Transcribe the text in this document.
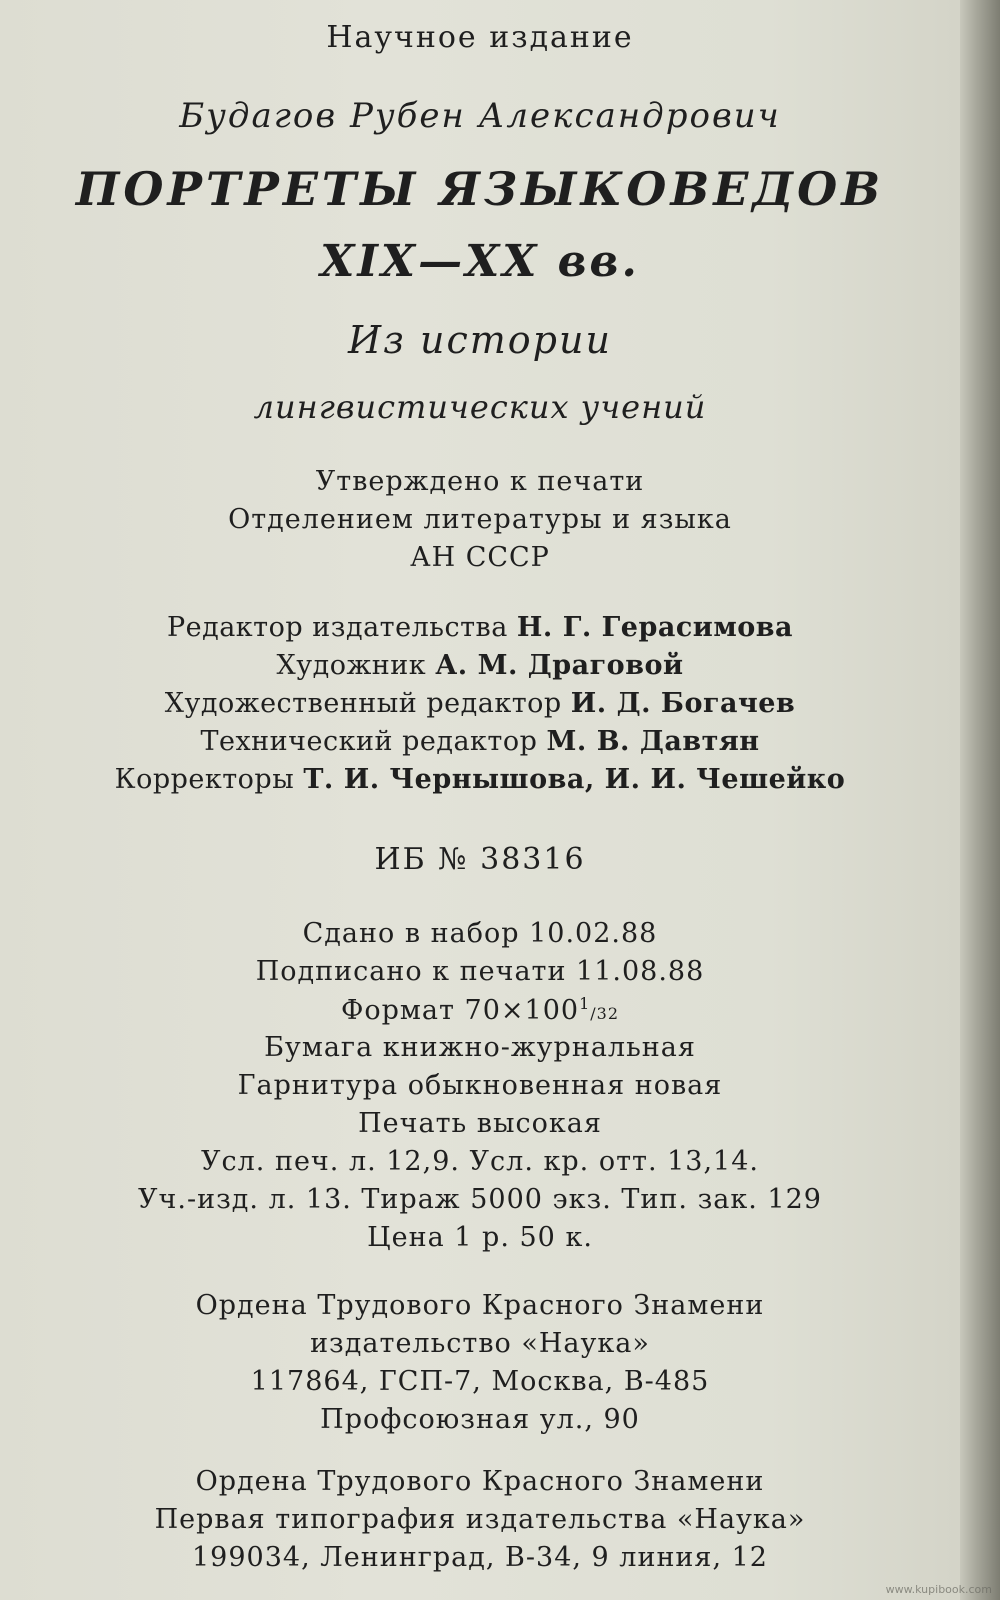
Научное издание
Будагов Рубен Александрович
ПОРТРЕТЫ ЯЗЫКОВЕДОВ
XIX—XX вв.
Из истории
лингвистических учений
Утверждено к печати
Отделением литературы и языка
АН СССР
Редактор издательства Н. Г. Герасимова
Художник А. М. Драговой
Художественный редактор И. Д. Богачев
Технический редактор М. В. Давтян
Корректоры Т. И. Чернышова, И. И. Чешейко
ИБ № 38316
Сдано в набор 10.02.88
Подписано к печати 11.08.88
Формат $70\times 100^1/32$
Бумага книжно-журнальная
Гарнитура обыкновенная новая
Печать высокая
Усл. печ. л. 12,9. Усл. кр. отт. 13,14.
Уч.-изд. л. 13. Тираж 5000 экз. Тип. зак. 129
Цена 1 р. 50 к.
Ордена Трудового Красного Знамени
издательство «Наука»
117864, ГСП-7, Москва, В-485
Профсоюзная ул., 90
Ордена Трудового Красного Знамени
Первая типография издательства «Наука»
199034, Ленинград, В-34, 9 линия, 12
www.kupibook.com
